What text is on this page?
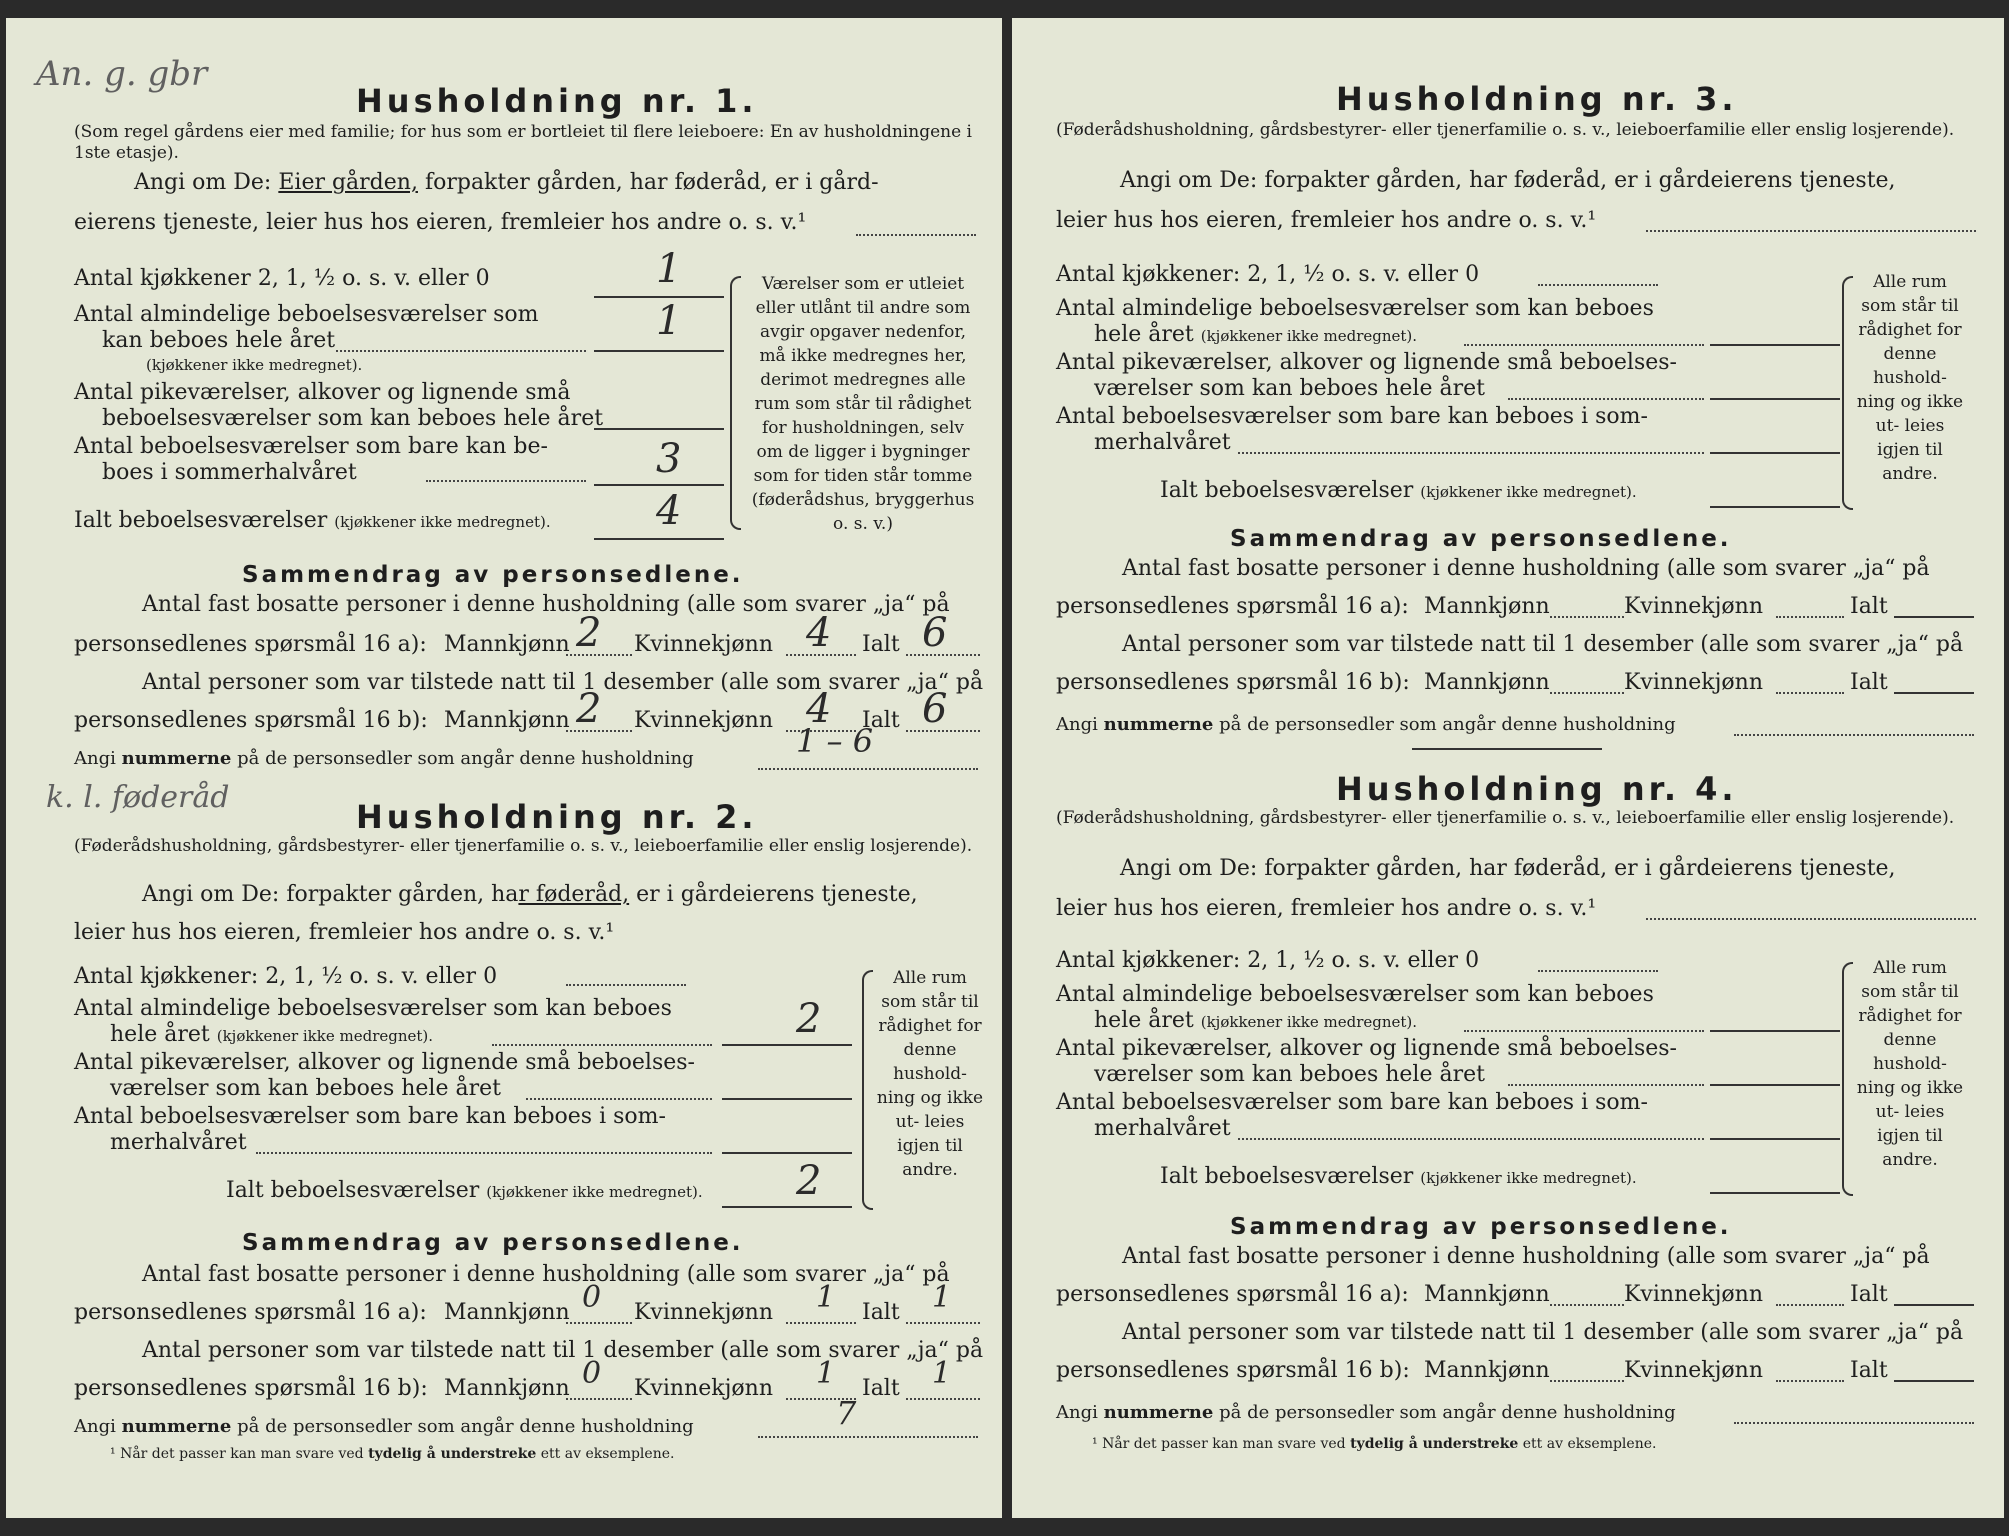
An. g. gbr
Husholdning nr. 1.
(Som regel gårdens eier med familie; for hus som er bortleiet til flere leieboere: En av husholdningene i 1ste etasje).
Angi om De: Eier gården, forpakter gården, har føderåd, er i gård-
eierens tjeneste, leier hus hos eieren, fremleier hos andre o. s. v.¹
Antal kjøkkener 2, 1, ½ o. s. v. eller 0	1
Antal almindelige beboelsesværelser som
kan beboes hele året	1
(kjøkkener ikke medregnet).
Antal pikeværelser, alkover og lignende små
beboelsesværelser som kan beboes hele året
Antal beboelsesværelser som bare kan be-
boes i sommerhalvåret	3
Ialt beboelsesværelser (kjøkkener ikke medregnet).	4
Værelser som er utleiet eller utlånt til andre som avgir opgaver nedenfor, må ikke medregnes her, derimot medregnes alle rum som står til rådighet for husholdningen, selv om de ligger i bygninger som for tiden står tomme (føderådshus, bryggerhus o. s. v.)
Sammendrag av personsedlene.
Antal fast bosatte personer i denne husholdning (alle som svarer „ja“ på
personsedlenes spørsmål 16 a): Mannkjønn 2 Kvinnekjønn 4 Ialt 6
Antal personer som var tilstede natt til 1 desember (alle som svarer „ja“ på
personsedlenes spørsmål 16 b): Mannkjønn 2 Kvinnekjønn 4 Ialt 6
Angi nummerne på de personsedler som angår denne husholdning	1 – 6
k. l. føderåd
Husholdning nr. 2.
(Føderådshusholdning, gårdsbestyrer- eller tjenerfamilie o. s. v., leieboerfamilie eller enslig losjerende).
Angi om De: forpakter gården, har føderåd, er i gårdeierens tjeneste,
leier hus hos eieren, fremleier hos andre o. s. v.¹
Antal kjøkkener: 2, 1, ½ o. s. v. eller 0
Antal almindelige beboelsesværelser som kan beboes
hele året (kjøkkener ikke medregnet).	2
Antal pikeværelser, alkover og lignende små beboelses-
værelser som kan beboes hele året
Antal beboelsesværelser som bare kan beboes i som-
merhalvåret
Ialt beboelsesværelser (kjøkkener ikke medregnet). 2
Alle rum som står til rådighet for denne hushold- ning og ikke ut- leies igjen til andre.
Sammendrag av personsedlene.
Antal fast bosatte personer i denne husholdning (alle som svarer „ja“ på
personsedlenes spørsmål 16 a): Mannkjønn 0 Kvinnekjønn 1 Ialt 1
Antal personer som var tilstede natt til 1 desember (alle som svarer „ja“ på
personsedlenes spørsmål 16 b): Mannkjønn 0 Kvinnekjønn 1 Ialt 1
Angi nummerne på de personsedler som angår denne husholdning	7
¹ Når det passer kan man svare ved tydelig å understreke ett av eksemplene.
Husholdning nr. 3.
(Føderådshusholdning, gårdsbestyrer- eller tjenerfamilie o. s. v., leieboerfamilie eller enslig losjerende).
Angi om De: forpakter gården, har føderåd, er i gårdeierens tjeneste,
leier hus hos eieren, fremleier hos andre o. s. v.¹
Antal kjøkkener: 2, 1, ½ o. s. v. eller 0
Antal almindelige beboelsesværelser som kan beboes
hele året (kjøkkener ikke medregnet).
Antal pikeværelser, alkover og lignende små beboelses-
værelser som kan beboes hele året
Antal beboelsesværelser som bare kan beboes i som-
merhalvåret
Ialt beboelsesværelser (kjøkkener ikke medregnet).
Alle rum som står til rådighet for denne hushold- ning og ikke ut- leies igjen til andre.
Sammendrag av personsedlene.
Antal fast bosatte personer i denne husholdning (alle som svarer „ja“ på
personsedlenes spørsmål 16 a): Mannkjønn	Kvinnekjønn	Ialt
Antal personer som var tilstede natt til 1 desember (alle som svarer „ja“ på
personsedlenes spørsmål 16 b): Mannkjønn	Kvinnekjønn	Ialt
Angi nummerne på de personsedler som angår denne husholdning
Husholdning nr. 4.
(Føderådshusholdning, gårdsbestyrer- eller tjenerfamilie o. s. v., leieboerfamilie eller enslig losjerende).
Angi om De: forpakter gården, har føderåd, er i gårdeierens tjeneste,
leier hus hos eieren, fremleier hos andre o. s. v.¹
Antal kjøkkener: 2, 1, ½ o. s. v. eller 0
Antal almindelige beboelsesværelser som kan beboes
hele året (kjøkkener ikke medregnet).
Antal pikeværelser, alkover og lignende små beboelses-
værelser som kan beboes hele året
Antal beboelsesværelser som bare kan beboes i som-
merhalvåret
Ialt beboelsesværelser (kjøkkener ikke medregnet).
Alle rum som står til rådighet for denne hushold- ning og ikke ut- leies igjen til andre.
Sammendrag av personsedlene.
Antal fast bosatte personer i denne husholdning (alle som svarer „ja“ på
personsedlenes spørsmål 16 a): Mannkjønn	Kvinnekjønn	Ialt
Antal personer som var tilstede natt til 1 desember (alle som svarer „ja“ på
personsedlenes spørsmål 16 b): Mannkjønn	Kvinnekjønn	Ialt
Angi nummerne på de personsedler som angår denne husholdning
¹ Når det passer kan man svare ved tydelig å understreke ett av eksemplene.
